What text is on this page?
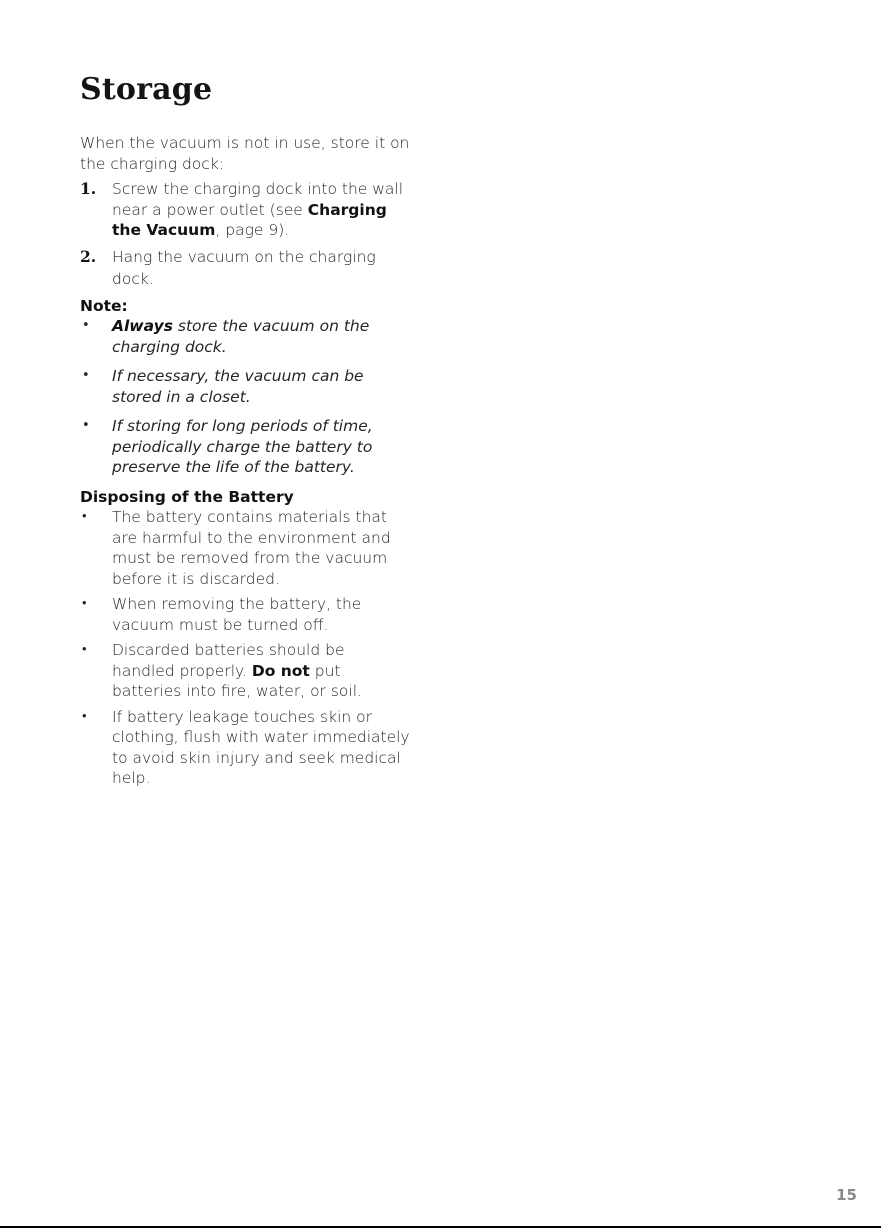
Storage

When the vacuum is not in use, store it on the charging dock:

1. Screw the charging dock into the wall near a power outlet (see Charging the Vacuum, page 9).
2. Hang the vacuum on the charging
dock.
Note:
• Always store the vacuum on the charging dock.
• If necessary, the vacuum can be stored in a closet.
• If storing for long periods of time, periodically charge the battery to preserve the life of the battery.
Disposing of the Battery
• The battery contains materials that are harmful to the environment and must be removed from the vacuum before it is discarded.
• When removing the battery, the vacuum must be turned off.
• Discarded batteries should be handled properly. Do not put batteries into fire, water, or soil.
• If battery leakage touches skin or clothing, flush with water immediately to avoid skin injury and seek medical help.
15
